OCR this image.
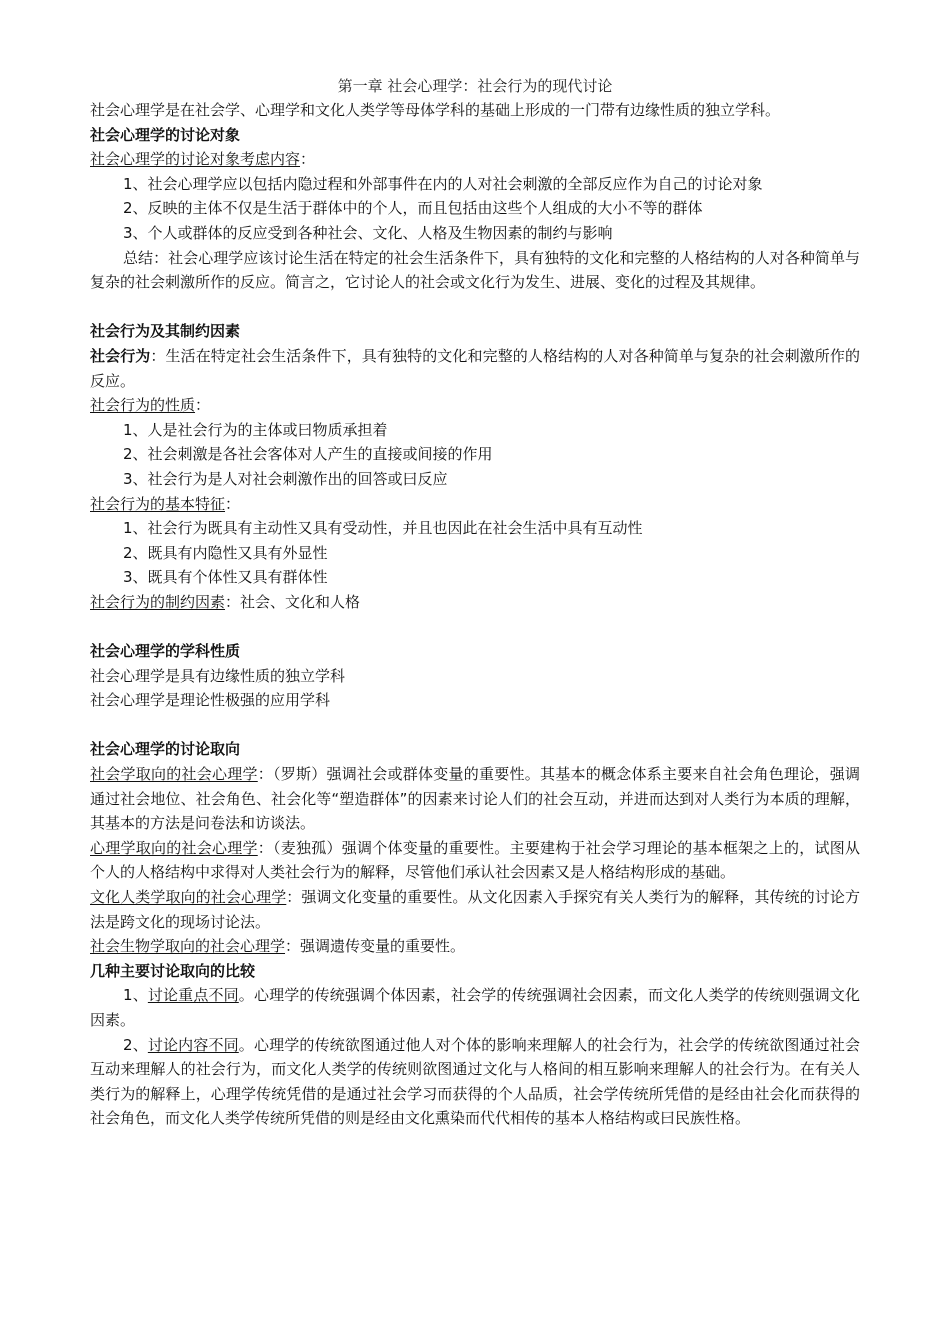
第一章 社会心理学：社会行为的现代讨论

社会心理学是在社会学、心理学和文化人类学等母体学科的基础上形成的一门带有边缘性质的独立学科。

社会心理学的讨论对象

社会心理学的讨论对象考虑内容：

1、社会心理学应以包括内隐过程和外部事件在内的人对社会刺激的全部反应作为自己的讨论对象

2、反映的主体不仅是生活于群体中的个人，而且包括由这些个人组成的大小不等的群体

3、个人或群体的反应受到各种社会、文化、人格及生物因素的制约与影响

总结：社会心理学应该讨论生活在特定的社会生活条件下，具有独特的文化和完整的人格结构的人对各种简单与复杂的社会刺激所作的反应。简言之，它讨论人的社会或文化行为发生、进展、变化的过程及其规律。

社会行为及其制约因素

社会行为：生活在特定社会生活条件下，具有独特的文化和完整的人格结构的人对各种简单与复杂的社会刺激所作的反应。

社会行为的性质：

1、人是社会行为的主体或曰物质承担着

2、社会刺激是各社会客体对人产生的直接或间接的作用

3、社会行为是人对社会刺激作出的回答或曰反应

社会行为的基本特征：

1、社会行为既具有主动性又具有受动性，并且也因此在社会生活中具有互动性

2、既具有内隐性又具有外显性

3、既具有个体性又具有群体性

社会行为的制约因素：社会、文化和人格

社会心理学的学科性质

社会心理学是具有边缘性质的独立学科

社会心理学是理论性极强的应用学科

社会心理学的讨论取向

社会学取向的社会心理学：（罗斯）强调社会或群体变量的重要性。其基本的概念体系主要来自社会角色理论，强调通过社会地位、社会角色、社会化等“塑造群体”的因素来讨论人们的社会互动，并进而达到对人类行为本质的理解，其基本的方法是问卷法和访谈法。

心理学取向的社会心理学：（麦独孤）强调个体变量的重要性。主要建构于社会学习理论的基本框架之上的，试图从个人的人格结构中求得对人类社会行为的解释，尽管他们承认社会因素又是人格结构形成的基础。

文化人类学取向的社会心理学：强调文化变量的重要性。从文化因素入手探究有关人类行为的解释，其传统的讨论方法是跨文化的现场讨论法。

社会生物学取向的社会心理学：强调遗传变量的重要性。

几种主要讨论取向的比较

1、讨论重点不同。心理学的传统强调个体因素，社会学的传统强调社会因素，而文化人类学的传统则强调文化因素。

2、讨论内容不同。心理学的传统欲图通过他人对个体的影响来理解人的社会行为，社会学的传统欲图通过社会互动来理解人的社会行为，而文化人类学的传统则欲图通过文化与人格间的相互影响来理解人的社会行为。在有关人类行为的解释上，心理学传统凭借的是通过社会学习而获得的个人品质，社会学传统所凭借的是经由社会化而获得的社会角色，而文化人类学传统所凭借的则是经由文化熏染而代代相传的基本人格结构或曰民族性格。
